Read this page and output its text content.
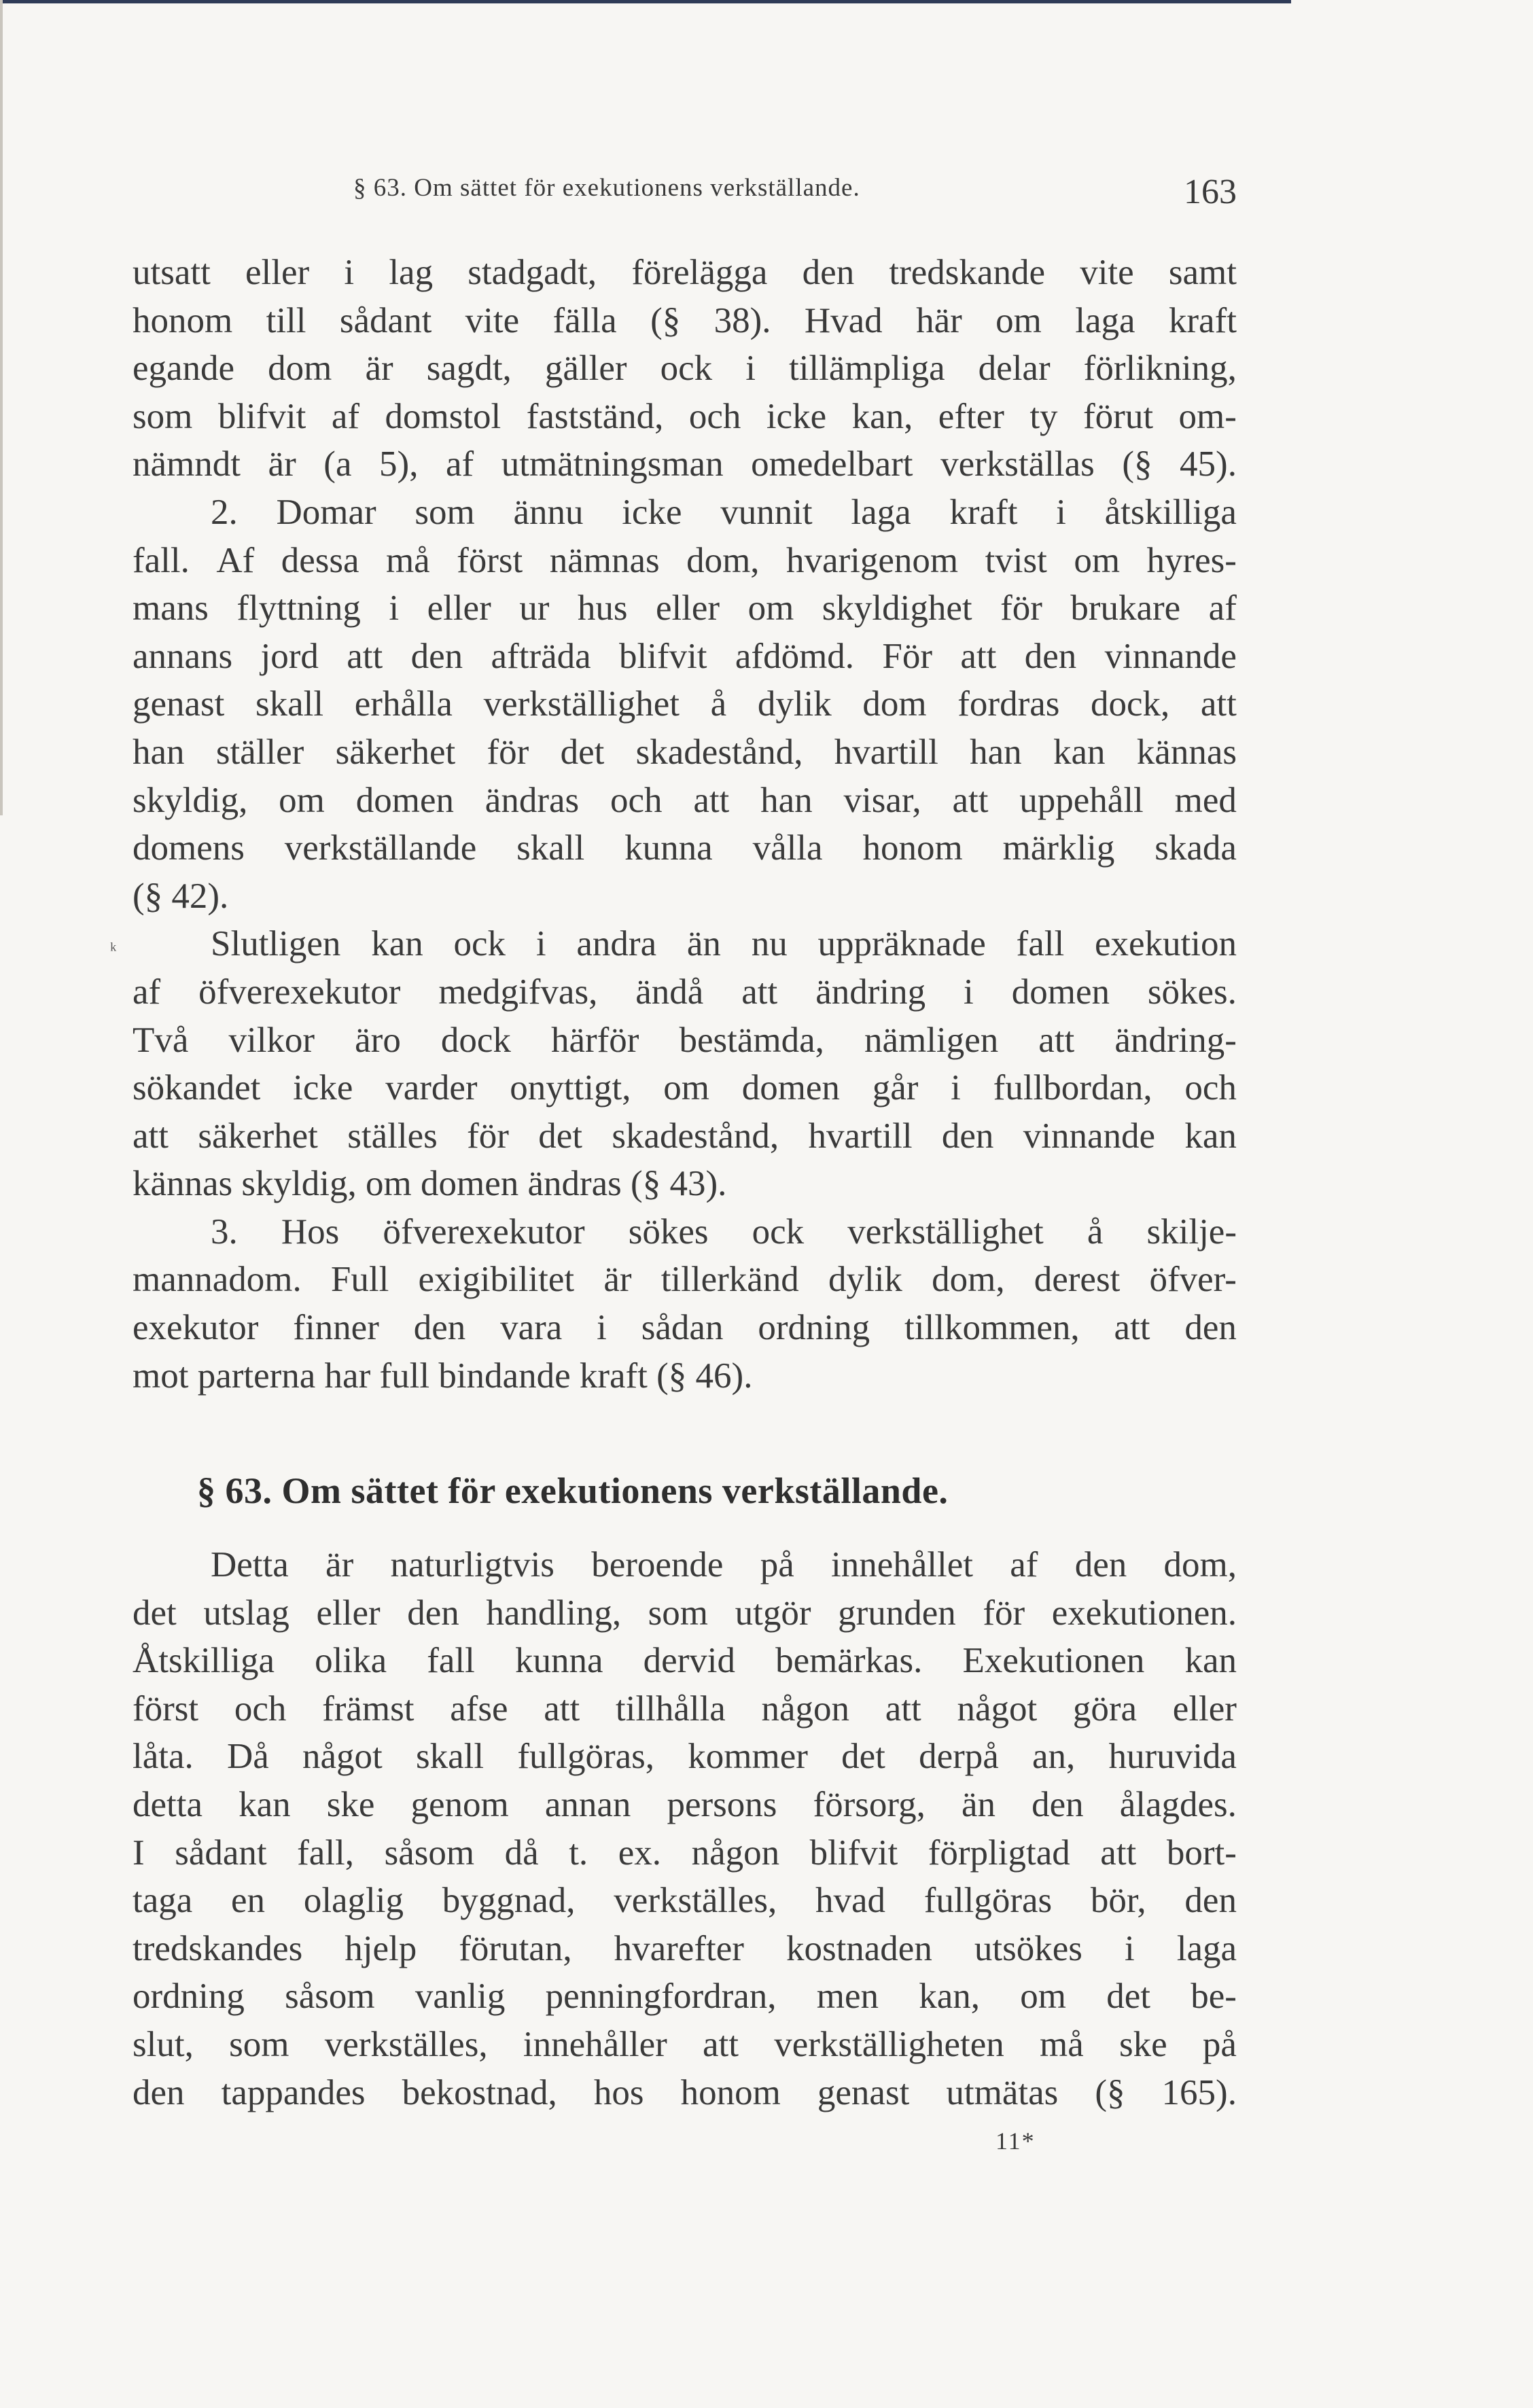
§ 63. Om sättet för exekutionens verkställande.	163
utsatt eller i lag stadgadt, förelägga den tredskande vite samt
honom till sådant vite fälla (§ 38). Hvad här om laga kraft
egande dom är sagdt, gäller ock i tillämpliga delar förlikning,
som blifvit af domstol fastständ, och icke kan, efter ty förut om-
nämndt är (a 5), af utmätningsman omedelbart verkställas (§ 45).
2. Domar som ännu icke vunnit laga kraft i åtskilliga
fall. Af dessa må först nämnas dom, hvarigenom tvist om hyres-
mans flyttning i eller ur hus eller om skyldighet för brukare af
annans jord att den afträda blifvit afdömd. För att den vinnande
genast skall erhålla verkställighet å dylik dom fordras dock, att
han ställer säkerhet för det skadestånd, hvartill han kan kännas
skyldig, om domen ändras och att han visar, att uppehåll med
domens verkställande skall kunna vålla honom märklig skada
(§ 42).
Slutligen kan ock i andra än nu uppräknade fall exekution
af öfverexekutor medgifvas, ändå att ändring i domen sökes.
Två vilkor äro dock härför bestämda, nämligen att ändring-
sökandet icke varder onyttigt, om domen går i fullbordan, och
att säkerhet ställes för det skadestånd, hvartill den vinnande kan
kännas skyldig, om domen ändras (§ 43).
3. Hos öfverexekutor sökes ock verkställighet å skilje-
mannadom. Full exigibilitet är tillerkänd dylik dom, derest öfver-
exekutor finner den vara i sådan ordning tillkommen, att den
mot parterna har full bindande kraft (§ 46).
ᵏ
§ 63. Om sättet för exekutionens verkställande.
Detta är naturligtvis beroende på innehållet af den dom,
det utslag eller den handling, som utgör grunden för exekutionen.
Åtskilliga olika fall kunna dervid bemärkas. Exekutionen kan
först och främst afse att tillhålla någon att något göra eller
låta. Då något skall fullgöras, kommer det derpå an, huruvida
detta kan ske genom annan persons försorg, än den ålagdes.
I sådant fall, såsom då t. ex. någon blifvit förpligtad att bort-
taga en olaglig byggnad, verkställes, hvad fullgöras bör, den
tredskandes hjelp förutan, hvarefter kostnaden utsökes i laga
ordning såsom vanlig penningfordran, men kan, om det be-
slut, som verkställes, innehåller att verkställigheten må ske på
den tappandes bekostnad, hos honom genast utmätas (§ 165).
11*
